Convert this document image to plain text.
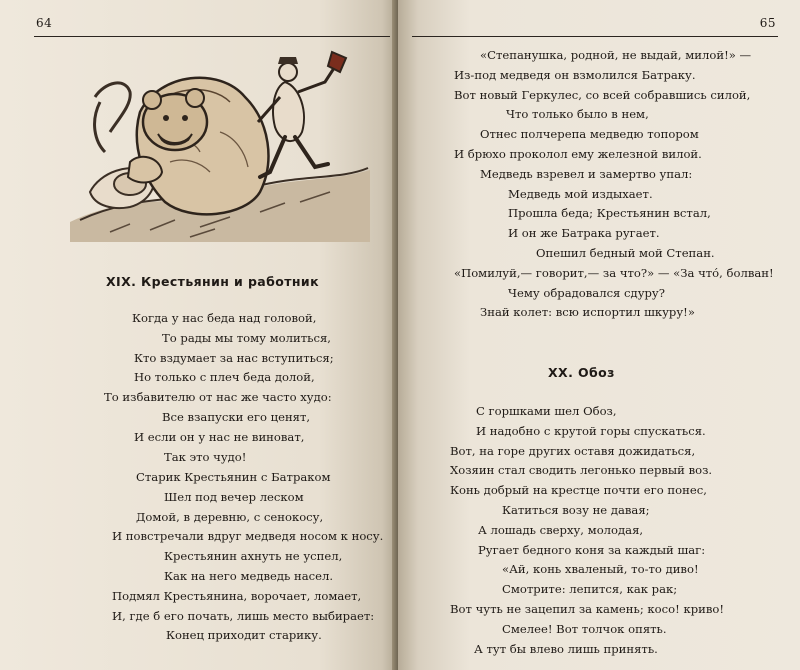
64
XIX. Крестьянин и работник
Когда у нас беда над головой,
То рады мы тому молиться,
Кто вздумает за нас вступиться;
Но только с плеч беда долой,
То избавителю от нас же часто худо:
Все взапуски его ценят,
И если он у нас не виноват,
Так это чудо!
Старик Крестьянин с Батраком
Шел под вечер леском
Домой, в деревню, с сенокосу,
И повстречали вдруг медведя носом к носу.
Крестьянин ахнуть не успел,
Как на него медведь насел.
Подмял Крестьянина, ворочает, ломает,
И, где б его почать, лишь место выбирает:
Конец приходит старику.
65
«Степанушка, родной, не выдай, милой!» —
Из-под медведя он взмолился Батраку.
Вот новый Геркулес, со всей собравшись силой,
Что только было в нем,
Отнес полчерепа медведю топором
И брюхо проколол ему железной вилой.
Медведь взревел и замертво упал:
Медведь мой издыхает.
Прошла беда; Крестьянин встал,
И он же Батрака ругает.
Опешил бедный мой Степан.
«Помилуй,— говорит,— за что?» — «За что́, болван!
Чему обрадовался сдуру?
Знай колет: всю испортил шкуру!»
XX. Обоз
С горшками шел Обоз,
И надобно с крутой горы спускаться.
Вот, на горе других оставя дожидаться,
Хозяин стал сводить легонько первый воз.
Конь добрый на крестце почти его понес,
Катиться возу не давая;
А лошадь сверху, молодая,
Ругает бедного коня за каждый шаг:
«Ай, конь хваленый, то-то диво!
Смотрите: лепится, как рак;
Вот чуть не зацепил за камень; косо! криво!
Смелее! Вот толчок опять.
А тут бы влево лишь принять.
